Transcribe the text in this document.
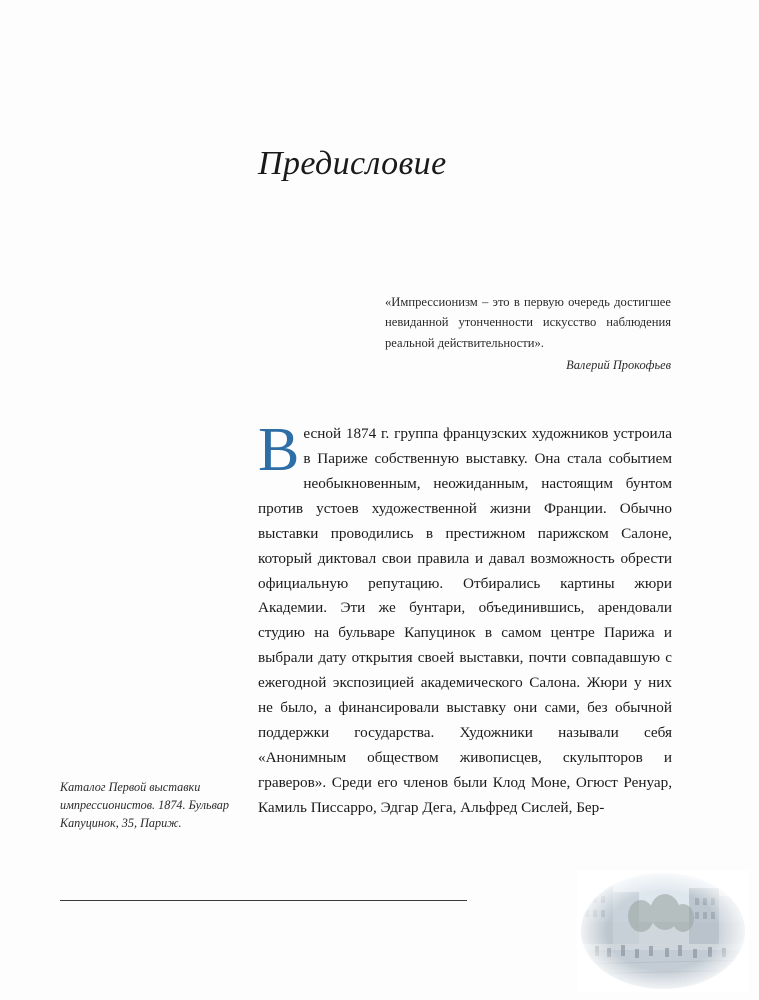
Предисловие
«Импрессионизм – это в первую очередь достигшее невиданной утонченности искусство наблюдения реальной действительности».
Валерий Прокофьев
Весной 1874 г. группа французских художников устроила в Париже собственную выставку. Она стала событием необыкновенным, неожиданным, настоящим бунтом против устоев художественной жизни Франции. Обычно выставки проводились в престижном парижском Салоне, который диктовал свои правила и давал возможность обрести официальную репутацию. Отбирались картины жюри Академии. Эти же бунтари, объединившись, арендовали студию на бульваре Капуцинок в самом центре Парижа и выбрали дату открытия своей выставки, почти совпадавшую с ежегодной экспозицией академического Салона. Жюри у них не было, а финансировали выставку они сами, без обычной поддержки государства. Художники называли себя «Анонимным обществом живописцев, скульпторов и граверов». Среди его членов были Клод Моне, Огюст Ренуар, Камиль Писсарро, Эдгар Дега, Альфред Сислей, Бер-
Каталог Первой выставки импрессионистов. 1874. Бульвар Капуцинок, 35, Париж.
